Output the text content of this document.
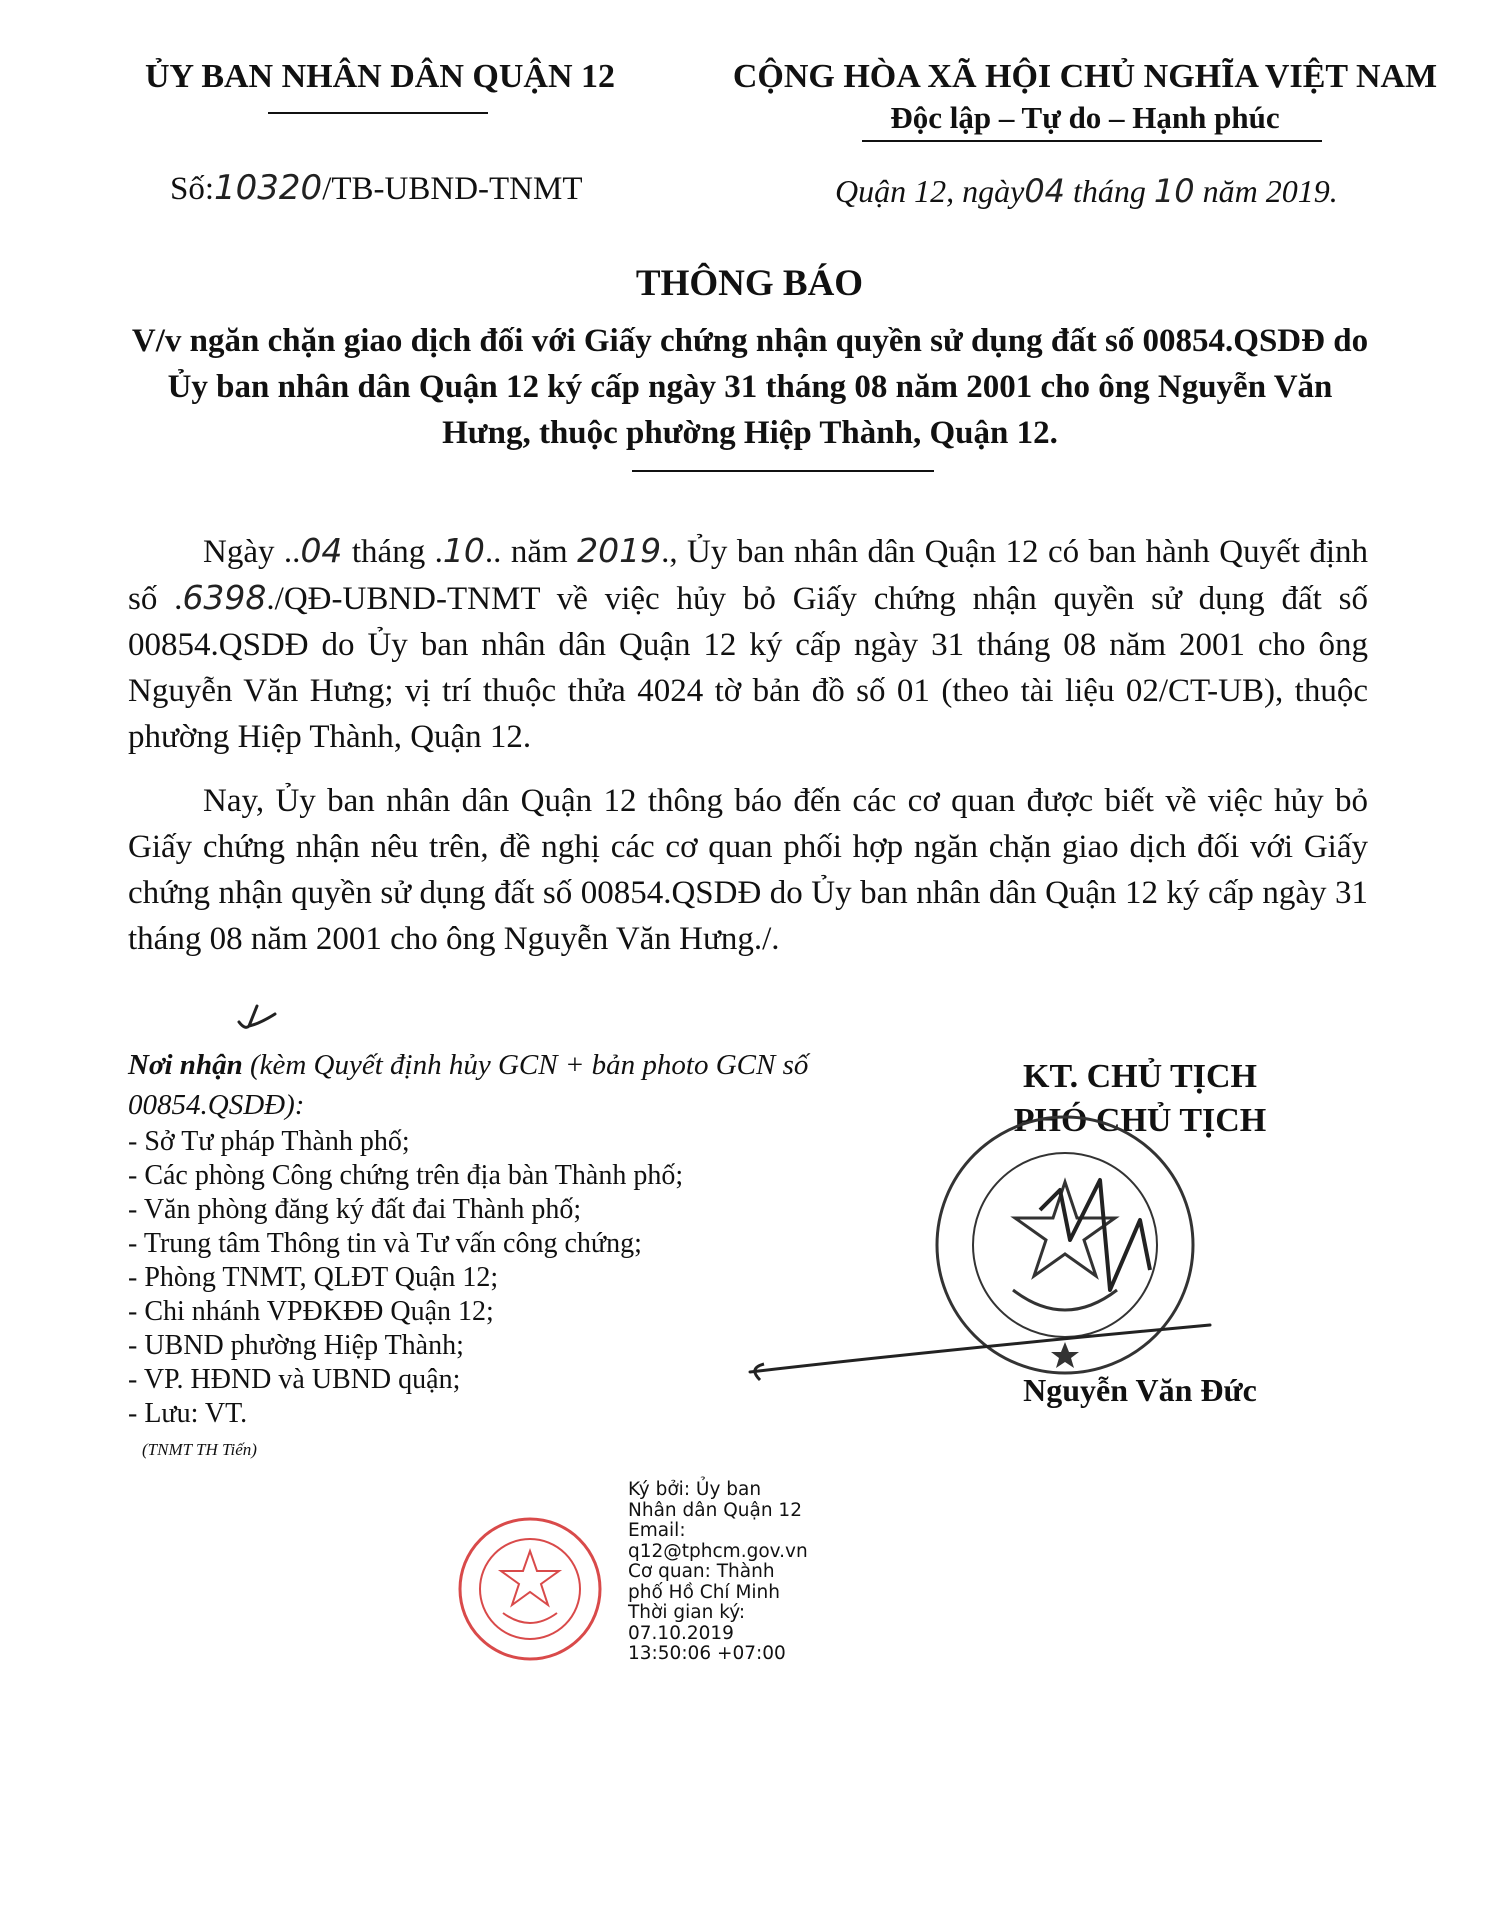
ỦY BAN NHÂN DÂN QUẬN 12	CỘNG HÒA XÃ HỘI CHỦ NGHĨA VIỆT NAM
Độc lập – Tự do – Hạnh phúc
Số:10320/TB-UBND-TNMT	Quận 12, ngày04 tháng 10 năm 2019.
THÔNG BÁO
V/v ngăn chặn giao dịch đối với Giấy chứng nhận quyền sử dụng đất số 00854.QSDĐ do Ủy ban nhân dân Quận 12 ký cấp ngày 31 tháng 08 năm 2001 cho ông Nguyễn Văn Hưng, thuộc phường Hiệp Thành, Quận 12.
Ngày ..04 tháng .10.. năm 2019., Ủy ban nhân dân Quận 12 có ban hành Quyết định số .6398./QĐ-UBND-TNMT về việc hủy bỏ Giấy chứng nhận quyền sử dụng đất số 00854.QSDĐ do Ủy ban nhân dân Quận 12 ký cấp ngày 31 tháng 08 năm 2001 cho ông Nguyễn Văn Hưng; vị trí thuộc thửa 4024 tờ bản đồ số 01 (theo tài liệu 02/CT-UB), thuộc phường Hiệp Thành, Quận 12.
Nay, Ủy ban nhân dân Quận 12 thông báo đến các cơ quan được biết về việc hủy bỏ Giấy chứng nhận nêu trên, đề nghị các cơ quan phối hợp ngăn chặn giao dịch đối với Giấy chứng nhận quyền sử dụng đất số 00854.QSDĐ do Ủy ban nhân dân Quận 12 ký cấp ngày 31 tháng 08 năm 2001 cho ông Nguyễn Văn Hưng./.
Nơi nhận (kèm Quyết định hủy GCN + bản photo GCN số 00854.QSDĐ):
- Sở Tư pháp Thành phố;
- Các phòng Công chứng trên địa bàn Thành phố;
- Văn phòng đăng ký đất đai Thành phố;
- Trung tâm Thông tin và Tư vấn công chứng;
- Phòng TNMT, QLĐT Quận 12;
- Chi nhánh VPĐKĐĐ Quận 12;
- UBND phường Hiệp Thành;
- VP. HĐND và UBND quận;
- Lưu: VT.
(TNMT TH Tiến)
KT. CHỦ TỊCH
PHÓ CHỦ TỊCH
Nguyễn Văn Đức
Ký bởi: Ủy ban
Nhân dân Quận 12
Email:
q12@tphcm.gov.vn
Cơ quan: Thành
phố Hồ Chí Minh
Thời gian ký:
07.10.2019
13:50:06 +07:00
